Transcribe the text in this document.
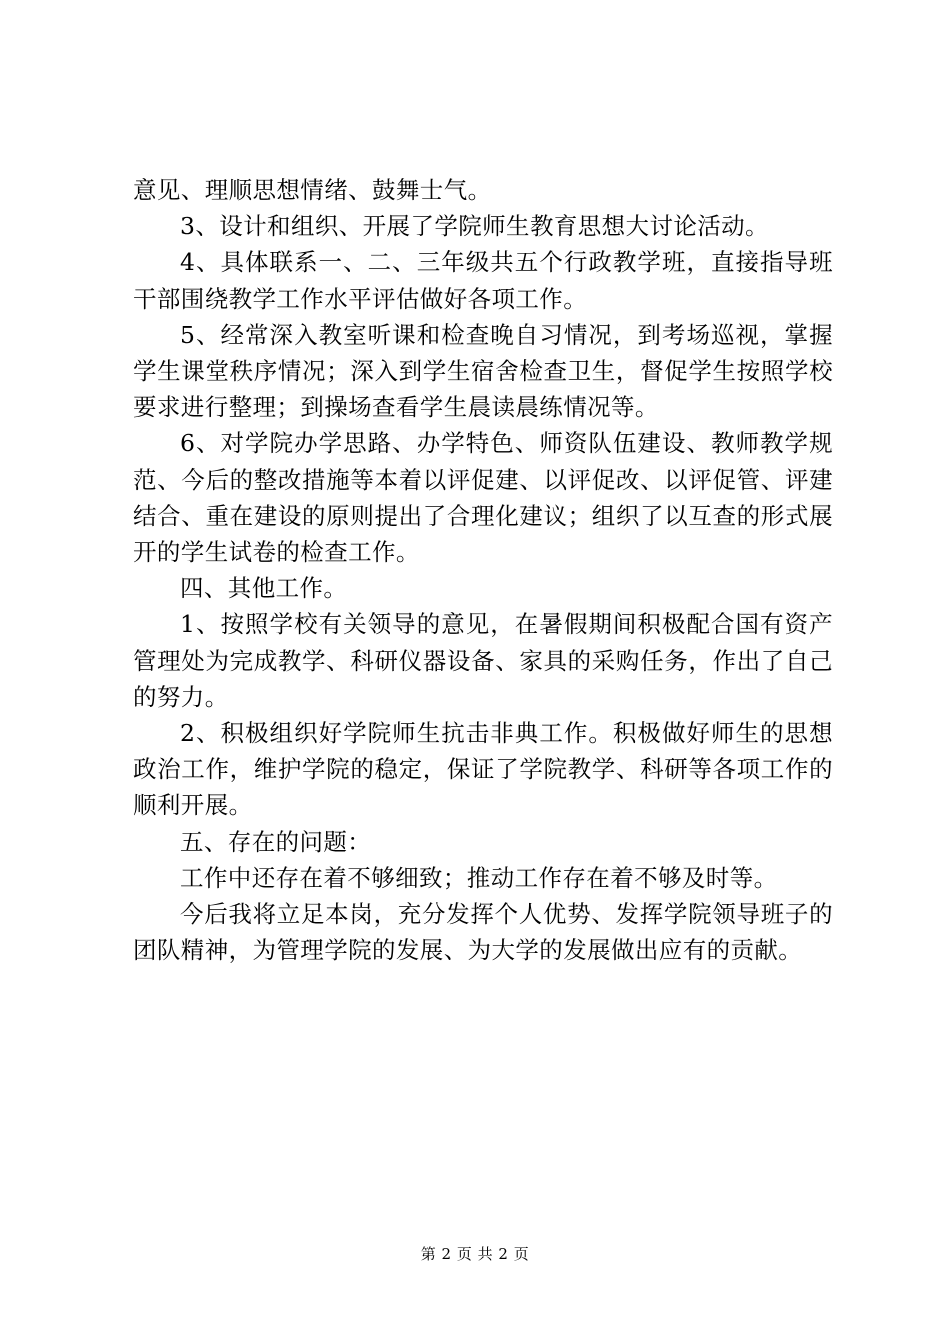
意见、理顺思想情绪、鼓舞士气。

3、设计和组织、开展了学院师生教育思想大讨论活动。

4、具体联系一、二、三年级共五个行政教学班，直接指导班干部围绕教学工作水平评估做好各项工作。

5、经常深入教室听课和检查晚自习情况，到考场巡视，掌握学生课堂秩序情况；深入到学生宿舍检查卫生，督促学生按照学校要求进行整理；到操场查看学生晨读晨练情况等。

6、对学院办学思路、办学特色、师资队伍建设、教师教学规范、今后的整改措施等本着以评促建、以评促改、以评促管、评建结合、重在建设的原则提出了合理化建议；组织了以互查的形式展开的学生试卷的检查工作。

四、其他工作。

1、按照学校有关领导的意见，在暑假期间积极配合国有资产管理处为完成教学、科研仪器设备、家具的采购任务，作出了自己的努力。

2、积极组织好学院师生抗击非典工作。积极做好师生的思想政治工作，维护学院的稳定，保证了学院教学、科研等各项工作的顺利开展。

五、存在的问题：

工作中还存在着不够细致；推动工作存在着不够及时等。

今后我将立足本岗，充分发挥个人优势、发挥学院领导班子的团队精神，为管理学院的发展、为大学的发展做出应有的贡献。

第 2 页 共 2 页
